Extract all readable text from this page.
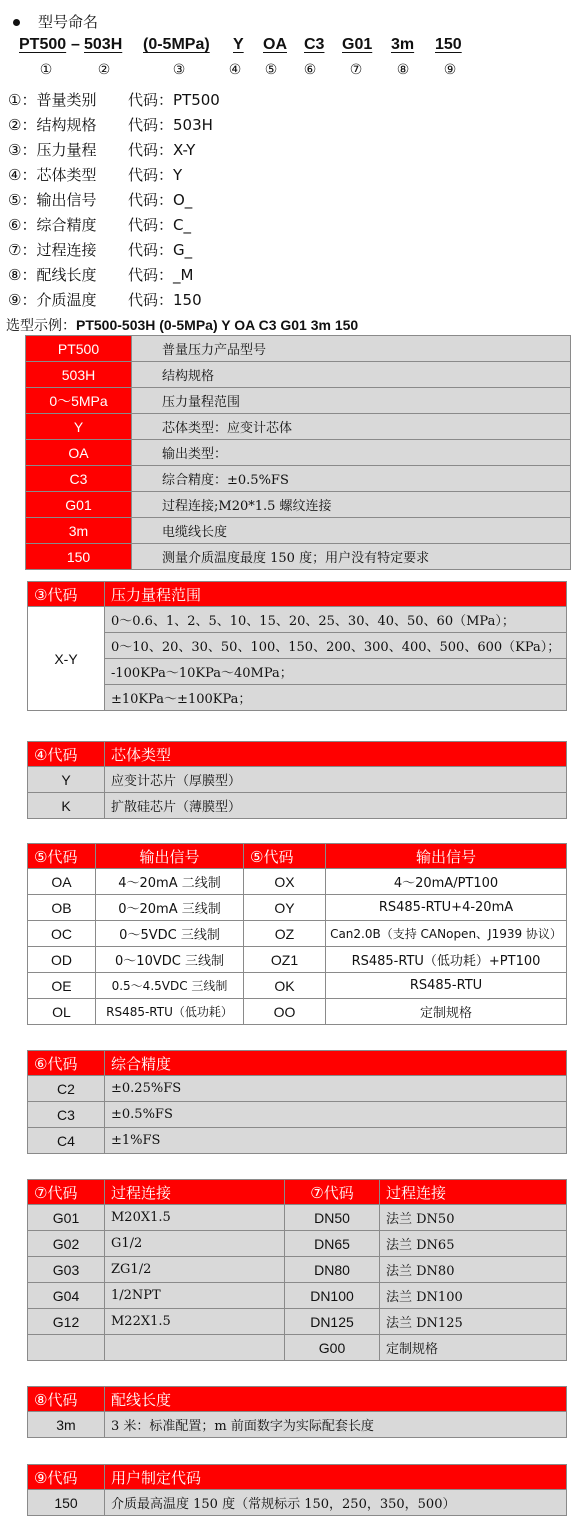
型号命名
PT500 – 503H (0-5MPa) Y OA C3 G01 3m 150
①	②	③	④	⑤	⑥	⑦	⑧	⑨
①：普量类别 代码：PT500
②：结构规格 代码：503H
③：压力量程 代码：X-Y
④：芯体类型 代码：Y
⑤：输出信号 代码：O_
⑥：综合精度 代码：C_
⑦：过程连接 代码：G_
⑧：配线长度 代码：_M
⑨：介质温度 代码：150
选型示例：PT500-503H (0-5MPa) Y OA C3 G01 3m 150
PT500	普量压力产品型号
503H	结构规格
0～5MPa	压力量程范围
Y	芯体类型：应变计芯体
OA	输出类型：
C3	综合精度：±0.5%FS
G01	过程连接;M20*1.5 螺纹连接
3m	电缆线长度
150	测量介质温度最度 150 度；用户没有特定要求
③代码	压力量程范围
X-Y	0～0.6、1、2、5、10、15、20、25、30、40、50、60（MPa）；
	0～10、20、30、50、100、150、200、300、400、500、600（KPa）；
	-100KPa～10KPa～40MPa；
	±10KPa～±100KPa；
④代码	芯体类型
Y	应变计芯片（厚膜型）
K	扩散硅芯片（薄膜型）
⑤代码	输出信号	⑤代码	输出信号
OA	4～20mA 二线制	OX	4～20mA/PT100
OB	0～20mA 三线制	OY	RS485-RTU+4-20mA
OC	0～5VDC 三线制	OZ	Can2.0B（支持 CANopen、J1939 协议）
OD	0～10VDC 三线制	OZ1	RS485-RTU（低功耗）+PT100
OE	0.5～4.5VDC 三线制	OK	RS485-RTU
OL	RS485-RTU（低功耗）	OO	定制规格
⑥代码	综合精度
C2	±0.25%FS
C3	±0.5%FS
C4	±1%FS
⑦代码	过程连接	⑦代码	过程连接
G01	M20X1.5	DN50	法兰 DN50
G02	G1/2	DN65	法兰 DN65
G03	ZG1/2	DN80	法兰 DN80
G04	1/2NPT	DN100	法兰 DN100
G12	M22X1.5	DN125	法兰 DN125
		G00	定制规格
⑧代码	配线长度
3m	3 米：标准配置；m 前面数字为实际配套长度
⑨代码	用户制定代码
150	介质最高温度 150 度（常规标示 150，250，350，500）
